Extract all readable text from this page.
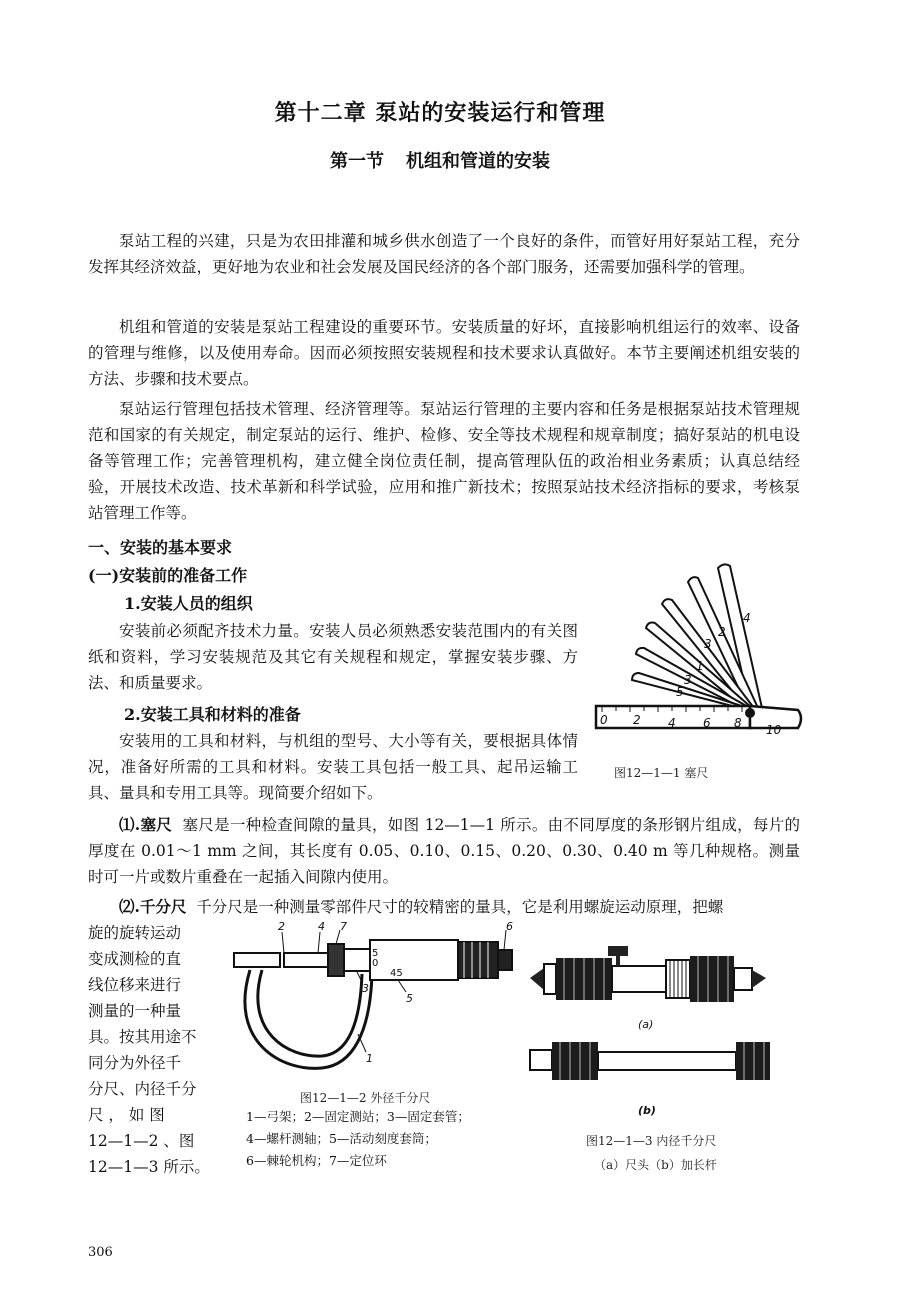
第十二章 泵站的安装运行和管理
第一节 机组和管道的安装

泵站工程的兴建，只是为农田排灌和城乡供水创造了一个良好的条件，而管好用好泵站工程，充分发挥其经济效益，更好地为农业和社会发展及国民经济的各个部门服务，还需要加强科学的管理。

机组和管道的安装是泵站工程建设的重要环节。安装质量的好坏，直接影响机组运行的效率、设备的管理与维修，以及使用寿命。因而必须按照安装规程和技术要求认真做好。本节主要阐述机组安装的方法、步骤和技术要点。

泵站运行管理包括技术管理、经济管理等。泵站运行管理的主要内容和任务是根据泵站技术管理规范和国家的有关规定，制定泵站的运行、维护、检修、安全等技术规程和规章制度；搞好泵站的机电设备等管理工作；完善管理机构，建立健全岗位责任制，提高管理队伍的政治相业务素质；认真总结经验，开展技术改造、技术革新和科学试验，应用和推广新技术；按照泵站技术经济指标的要求，考核泵站管理工作等。

一、安装的基本要求
(一)安装前的准备工作
1.安装人员的组织

安装前必须配齐技术力量。安装人员必须熟悉安装范围内的有关图纸和资料，学习安装规范及其它有关规程和规定，掌握安装步骤、方法、和质量要求。

2.安装工具和材料的准备

安装用的工具和材料，与机组的型号、大小等有关，要根据具体情况，准备好所需的工具和材料。安装工具包括一般工具、起吊运输工具、量具和专用工具等。现简要介绍如下。

4
2
3
1
3
5
0 2 4 6 8 10
图12—1—1 塞尺

⑴.塞尺 塞尺是一种检查间隙的量具，如图 12—1—1 所示。由不同厚度的条形钢片组成，每片的厚度在 0.01～1 mm 之间，其长度有 0.05、0.10、0.15、0.20、0.30、0.40 m 等几种规格。测量时可一片或数片重叠在一起插入间隙内使用。

⑵.千分尺 千分尺是一种测量零部件尺寸的较精密的量具，它是利用螺旋运动原理，把螺

旋的旋转运动
变成测检的直
线位移来进行
测量的一种量
具。按其用途不
同分为外径千
分尺、内径千分
尺 ， 如 图
12—1—2 、图
12—1—3 所示。
5
0
45
2	4 7	6
3
5
1
图12—1—2 外径千分尺
1—弓架；2—固定测站；3—固定套管；
4—螺杆测轴；5—活动刻度套筒；
6—棘轮机构；7—定位环
(a)
(b)
图12—1—3 内径千分尺
（a）尺头（b）加长杆
306
